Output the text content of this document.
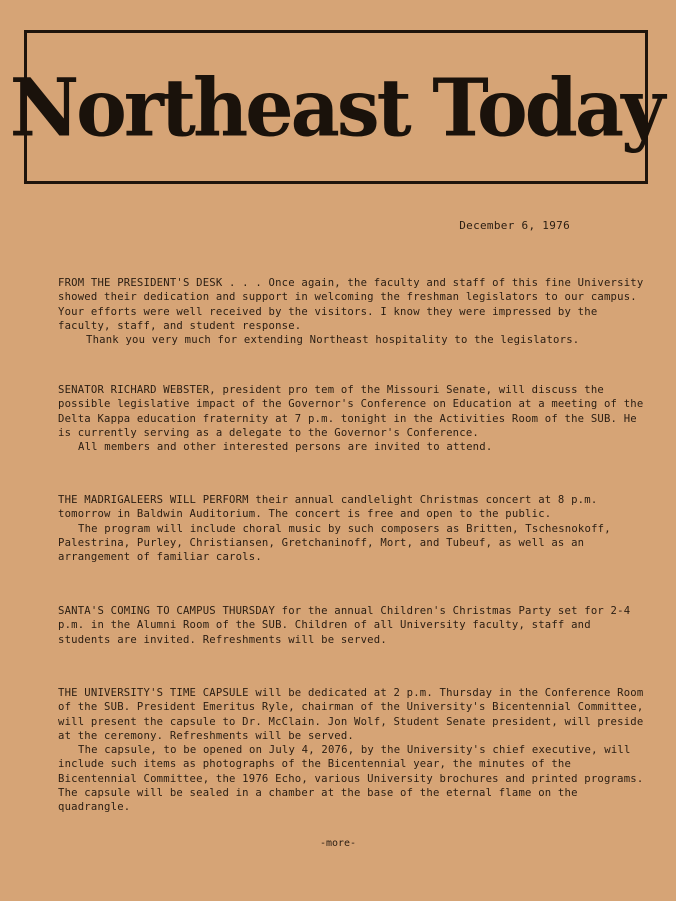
Northeast Today
December 6, 1976

FROM THE PRESIDENT'S DESK . . . Once again, the faculty and staff of this fine University showed their dedication and support in welcoming the freshman legislators to our campus. Your efforts were well received by the visitors. I know they were impressed by the faculty, staff, and student response.

Thank you very much for extending Northeast hospitality to the legislators.

SENATOR RICHARD WEBSTER, president pro tem of the Missouri Senate, will discuss the possible legislative impact of the Governor's Conference on Education at a meeting of the Delta Kappa education fraternity at 7 p.m. tonight in the Activities Room of the SUB. He is currently serving as a delegate to the Governor's Conference.

All members and other interested persons are invited to attend.

THE MADRIGALEERS WILL PERFORM their annual candlelight Christmas concert at 8 p.m. tomorrow in Baldwin Auditorium. The concert is free and open to the public.

The program will include choral music by such composers as Britten, Tschesnokoff, Palestrina, Purley, Christiansen, Gretchaninoff, Mort, and Tubeuf, as well as an arrangement of familiar carols.

SANTA'S COMING TO CAMPUS THURSDAY for the annual Children's Christmas Party set for 2-4 p.m. in the Alumni Room of the SUB. Children of all University faculty, staff and students are invited. Refreshments will be served.

THE UNIVERSITY'S TIME CAPSULE will be dedicated at 2 p.m. Thursday in the Conference Room of the SUB. President Emeritus Ryle, chairman of the University's Bicentennial Committee, will present the capsule to Dr. McClain. Jon Wolf, Student Senate president, will preside at the ceremony. Refreshments will be served.

The capsule, to be opened on July 4, 2076, by the University's chief executive, will include such items as photographs of the Bicentennial year, the minutes of the Bicentennial Committee, the 1976 Echo, various University brochures and printed programs. The capsule will be sealed in a chamber at the base of the eternal flame on the quadrangle.

-more-
